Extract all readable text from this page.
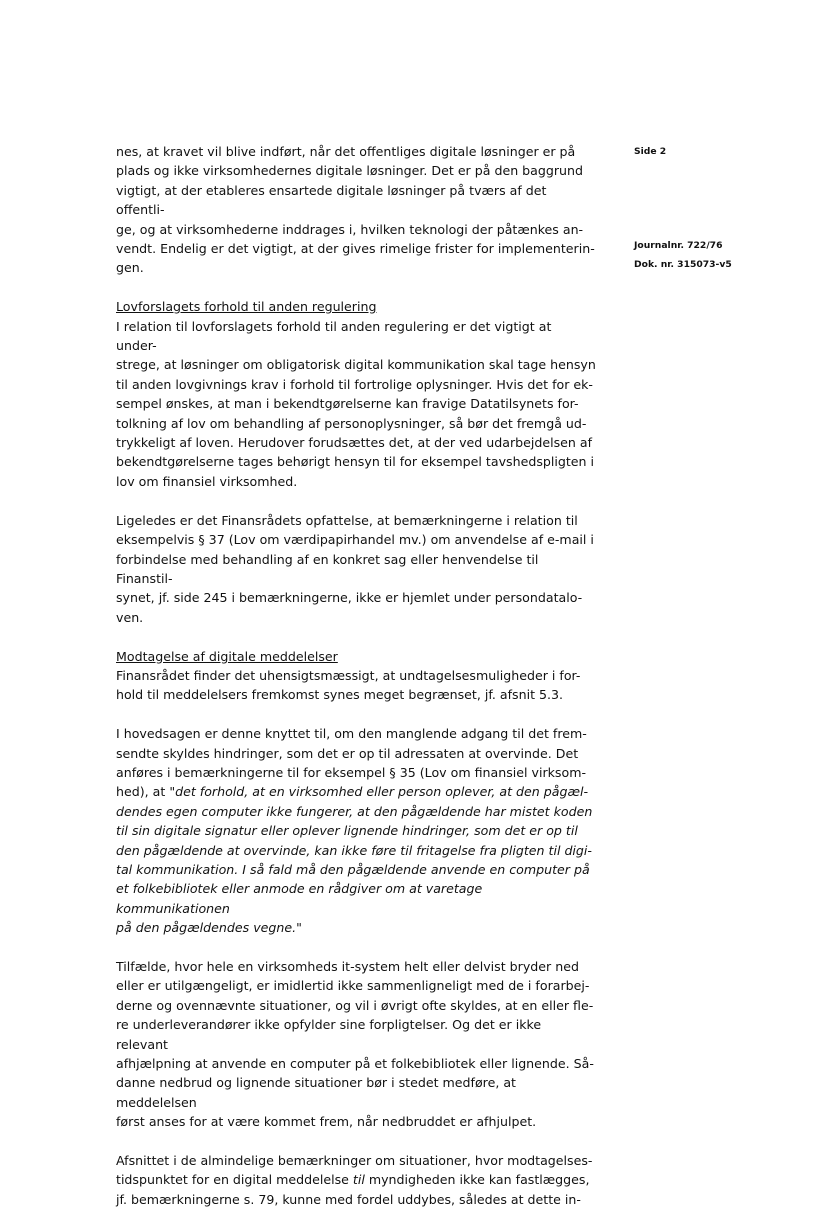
Side 2
Journalnr. 722/76
Dok. nr. 315073-v5

nes, at kravet vil blive indført, når det offentliges digitale løsninger er på

plads og ikke virksomhedernes digitale løsninger. Det er på den baggrund

vigtigt, at der etableres ensartede digitale løsninger på tværs af det offentli-

ge, og at virksomhederne inddrages i, hvilken teknologi der påtænkes an-

vendt. Endelig er det vigtigt, at der gives rimelige frister for implementerin-

gen.

Lovforslagets forhold til anden regulering

I relation til lovforslagets forhold til anden regulering er det vigtigt at under-

strege, at løsninger om obligatorisk digital kommunikation skal tage hensyn

til anden lovgivnings krav i forhold til fortrolige oplysninger. Hvis det for ek-

sempel ønskes, at man i bekendtgørelserne kan fravige Datatilsynets for-

tolkning af lov om behandling af personoplysninger, så bør det fremgå ud-

trykkeligt af loven. Herudover forudsættes det, at der ved udarbejdelsen af

bekendtgørelserne tages behørigt hensyn til for eksempel tavshedspligten i

lov om finansiel virksomhed.

Ligeledes er det Finansrådets opfattelse, at bemærkningerne i relation til

eksempelvis § 37 (Lov om værdipapirhandel mv.) om anvendelse af e-mail i

forbindelse med behandling af en konkret sag eller henvendelse til Finanstil-

synet, jf. side 245 i bemærkningerne, ikke er hjemlet under persondatalo-

ven.

Modtagelse af digitale meddelelser

Finansrådet finder det uhensigtsmæssigt, at undtagelsesmuligheder i for-

hold til meddelelsers fremkomst synes meget begrænset, jf. afsnit 5.3.

I hovedsagen er denne knyttet til, om den manglende adgang til det frem-

sendte skyldes hindringer, som det er op til adressaten at overvinde. Det

anføres i bemærkningerne til for eksempel § 35 (Lov om finansiel virksom-

hed), at "det forhold, at en virksomhed eller person oplever, at den pågæl-

dendes egen computer ikke fungerer, at den pågældende har mistet koden

til sin digitale signatur eller oplever lignende hindringer, som det er op til

den pågældende at overvinde, kan ikke føre til fritagelse fra pligten til digi-

tal kommunikation. I så fald må den pågældende anvende en computer på

et folkebibliotek eller anmode en rådgiver om at varetage kommunikationen

på den pågældendes vegne."

Tilfælde, hvor hele en virksomheds it-system helt eller delvist bryder ned

eller er utilgængeligt, er imidlertid ikke sammenligneligt med de i forarbej-

derne og ovennævnte situationer, og vil i øvrigt ofte skyldes, at en eller fle-

re underleverandører ikke opfylder sine forpligtelser. Og det er ikke relevant

afhjælpning at anvende en computer på et folkebibliotek eller lignende. Så-

danne nedbrud og lignende situationer bør i stedet medføre, at meddelelsen

først anses for at være kommet frem, når nedbruddet er afhjulpet.

Afsnittet i de almindelige bemærkninger om situationer, hvor modtagelses-

tidspunktet for en digital meddelelse til myndigheden ikke kan fastlægges,

jf. bemærkningerne s. 79, kunne med fordel uddybes, således at dette in-
